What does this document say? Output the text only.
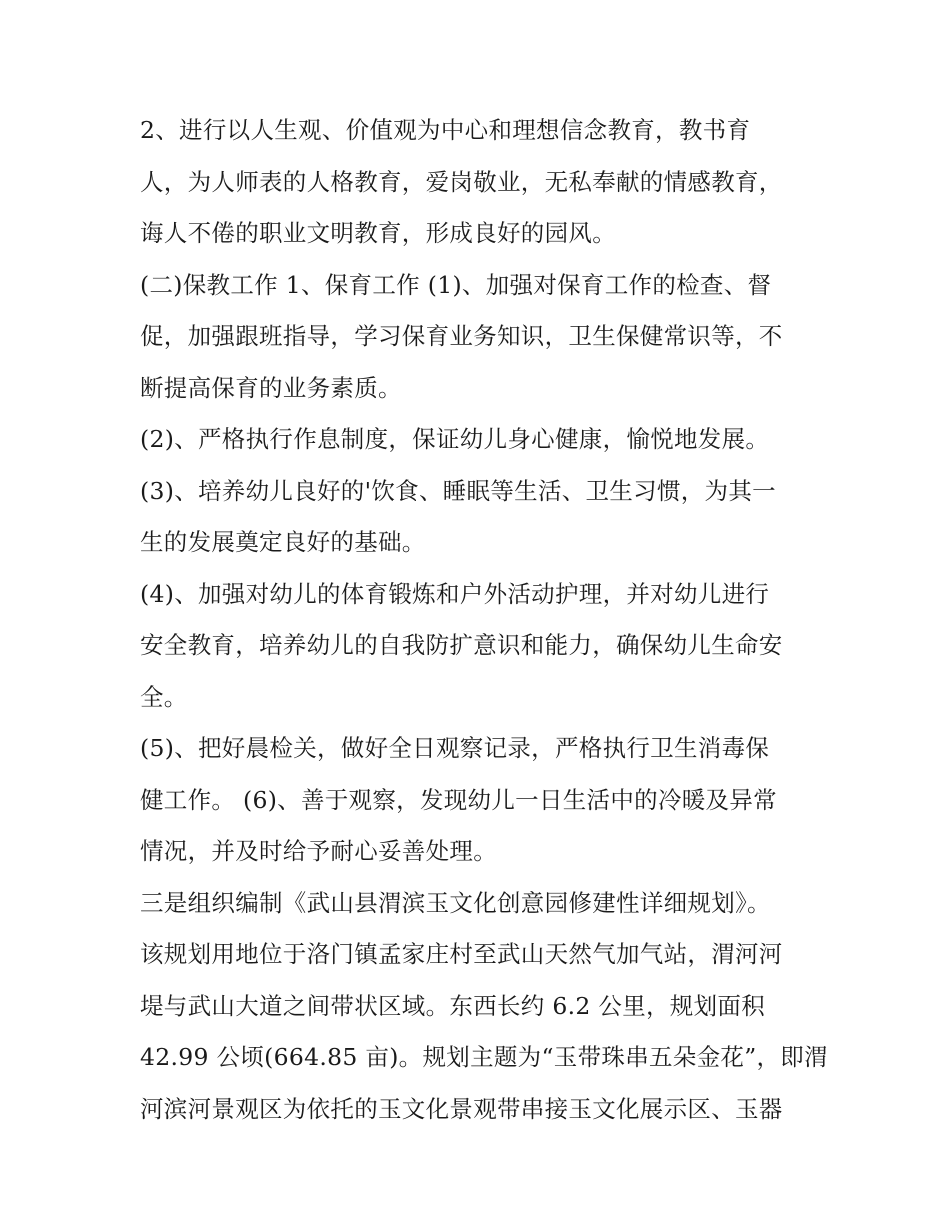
2、进行以人生观、价值观为中心和理想信念教育，教书育
人，为人师表的人格教育，爱岗敬业，无私奉献的情感教育，
诲人不倦的职业文明教育，形成良好的园风。
(二)保教工作 1、保育工作 (1)、加强对保育工作的检查、督
促，加强跟班指导，学习保育业务知识，卫生保健常识等，不
断提高保育的业务素质。
(2)、严格执行作息制度，保证幼儿身心健康，愉悦地发展。
(3)、培养幼儿良好的'饮食、睡眠等生活、卫生习惯，为其一
生的发展奠定良好的基础。
(4)、加强对幼儿的体育锻炼和户外活动护理，并对幼儿进行
安全教育，培养幼儿的自我防扩意识和能力，确保幼儿生命安
全。
(5)、把好晨检关，做好全日观察记录，严格执行卫生消毒保
健工作。 (6)、善于观察，发现幼儿一日生活中的冷暖及异常
情况，并及时给予耐心妥善处理。
三是组织编制《武山县渭滨玉文化创意园修建性详细规划》。
该规划用地位于洛门镇孟家庄村至武山天然气加气站，渭河河
堤与武山大道之间带状区域。东西长约 6.2 公里，规划面积
42.99 公顷(664.85 亩)。规划主题为“玉带珠串五朵金花”，即渭
河滨河景观区为依托的玉文化景观带串接玉文化展示区、玉器
